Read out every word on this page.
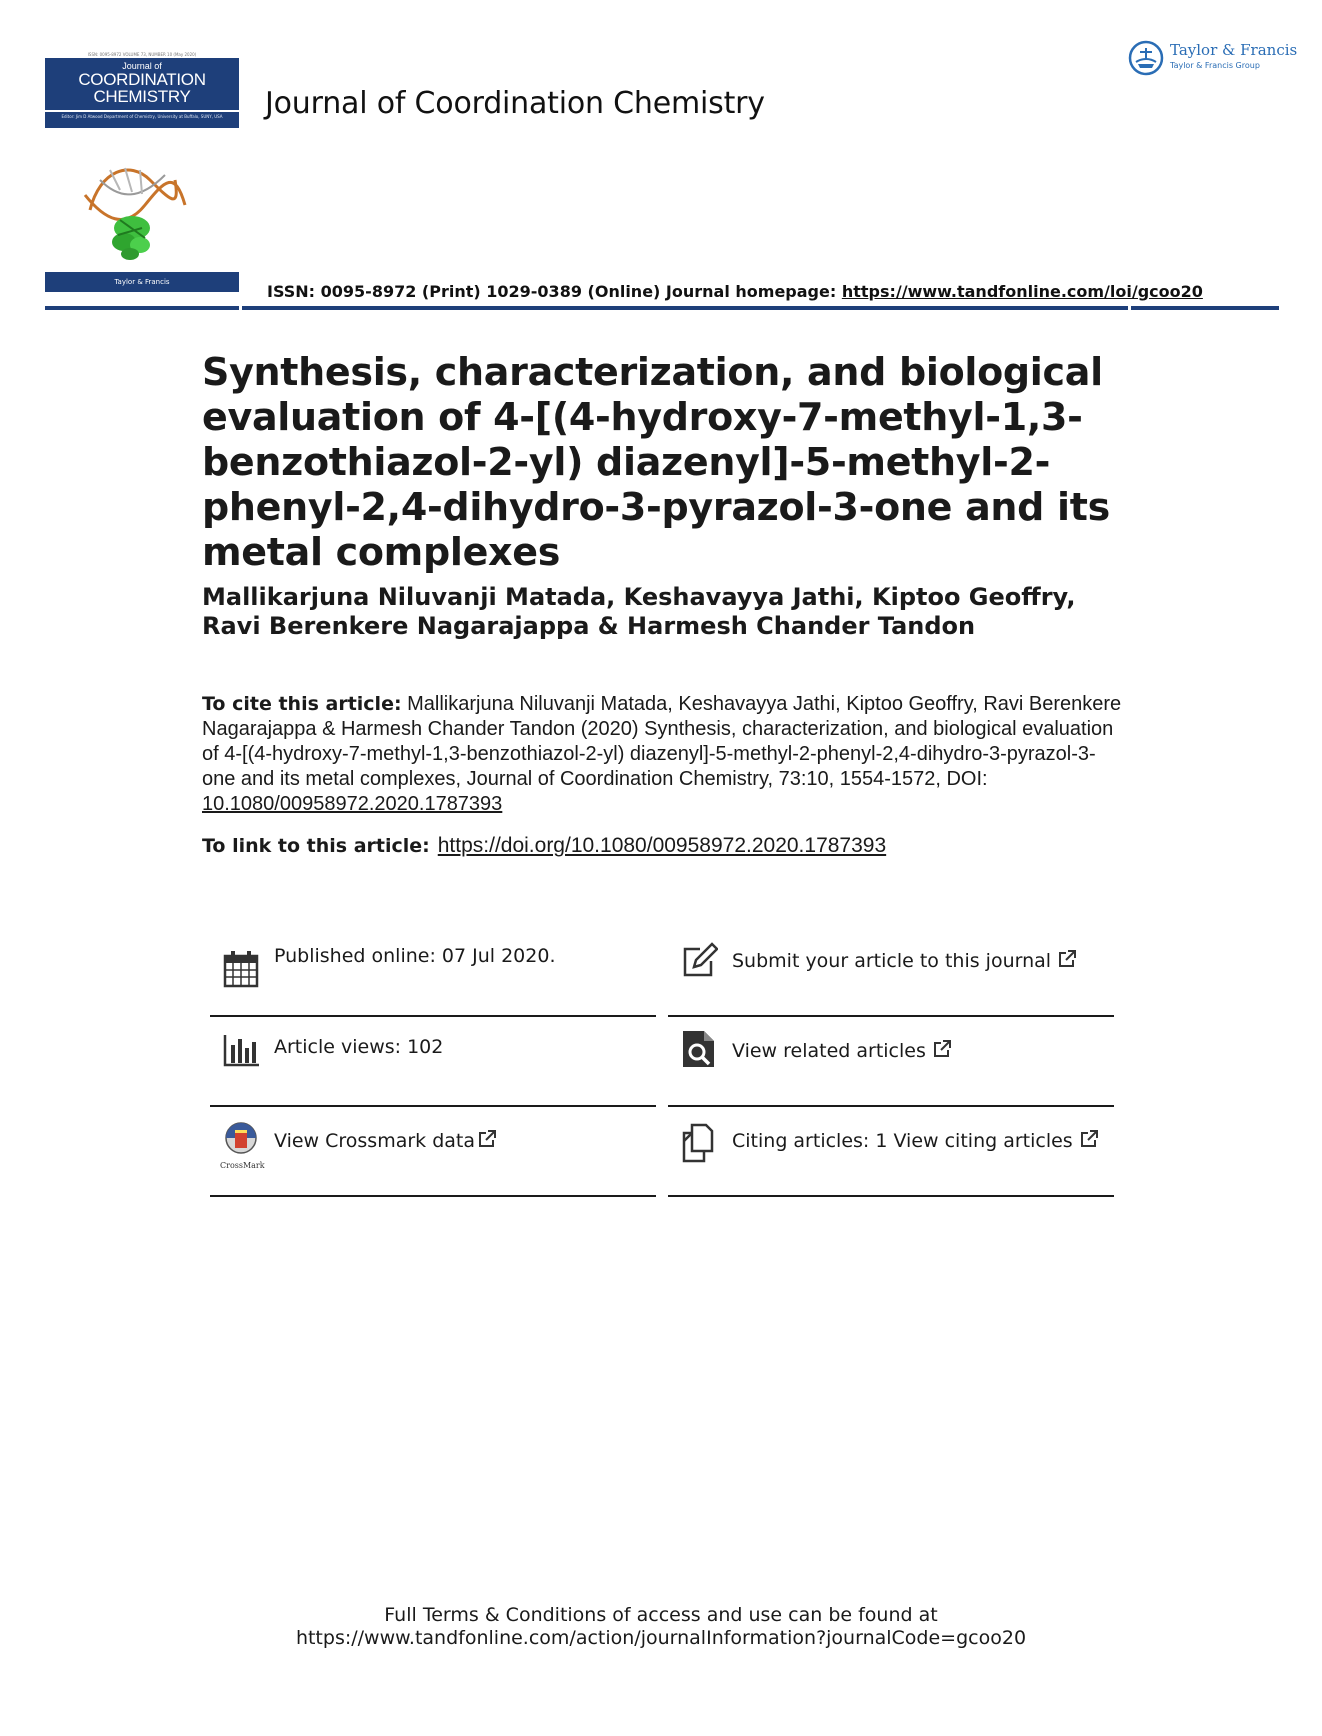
ISSN: 0095-8972 VOLUME 73, NUMBER 10 (May 2020)
Journal of
COORDINATION
CHEMISTRY
Editor: Jim D Atwood Department of Chemistry, University at Buffalo, SUNY, USA
Taylor & Francis
Journal of Coordination Chemistry
ISSN: 0095-8972 (Print) 1029-0389 (Online) Journal homepage: https://www.tandfonline.com/loi/gcoo20
Taylor & Francis
Taylor & Francis Group
Synthesis, characterization, and biological evaluation of 4-[(4-hydroxy-7-methyl-1,3-benzothiazol-2-yl) diazenyl]-5-methyl-2-phenyl-2,4-dihydro-3-pyrazol-3-one and its metal complexes
Mallikarjuna Niluvanji Matada, Keshavayya Jathi, Kiptoo Geoffry, Ravi Berenkere Nagarajappa & Harmesh Chander Tandon
To cite this article: Mallikarjuna Niluvanji Matada, Keshavayya Jathi, Kiptoo Geoffry, Ravi Berenkere Nagarajappa & Harmesh Chander Tandon (2020) Synthesis, characterization, and biological evaluation of 4-[(4-hydroxy-7-methyl-1,3-benzothiazol-2-yl) diazenyl]-5-methyl-2-phenyl-2,4-dihydro-3-pyrazol-3-one and its metal complexes, Journal of Coordination Chemistry, 73:10, 1554-1572, DOI: 10.1080/00958972.2020.1787393
To link to this article: https://doi.org/10.1080/00958972.2020.1787393
Published online: 07 Jul 2020.	Submit your article to this journal
Article views: 102	View related articles
CrossMark
View Crossmark data	Citing articles: 1 View citing articles
Full Terms & Conditions of access and use can be found at
https://www.tandfonline.com/action/journalInformation?journalCode=gcoo20
